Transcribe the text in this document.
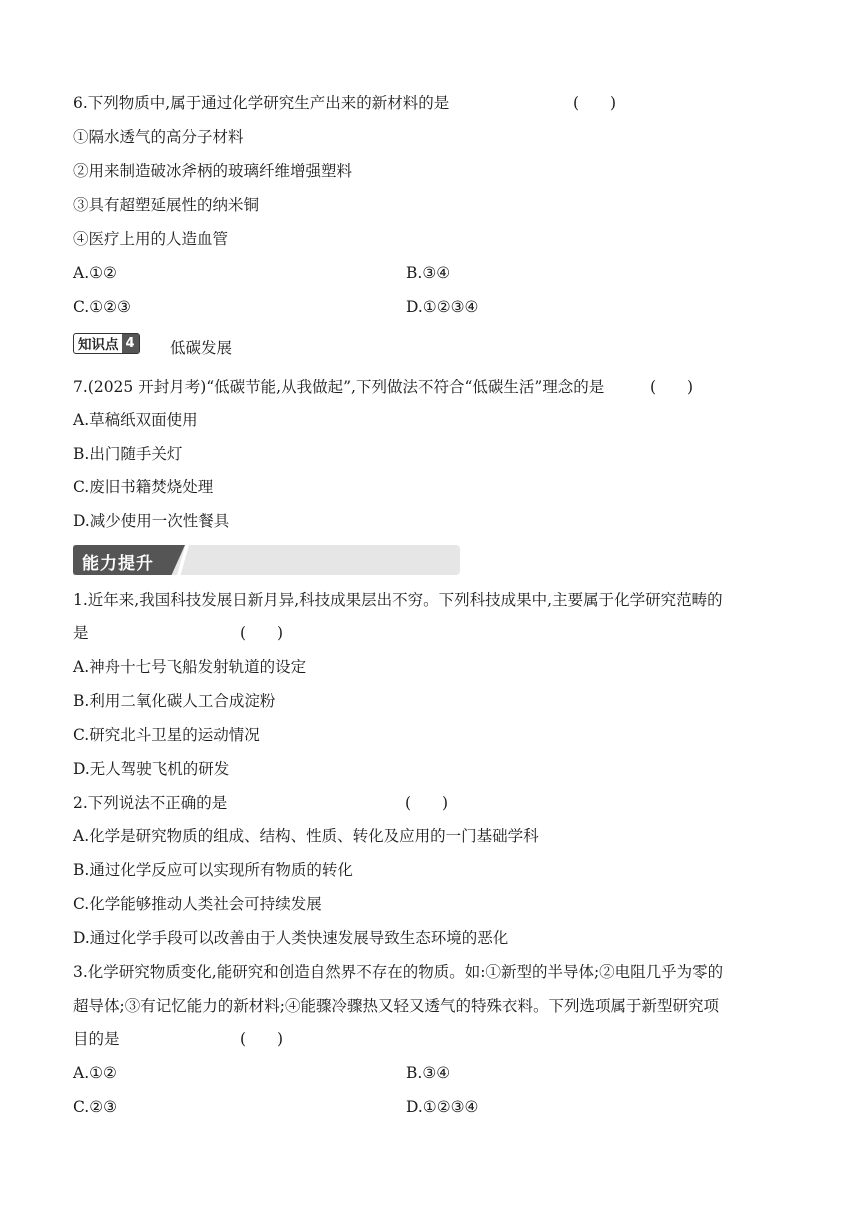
6.下列物质中,属于通过化学研究生产出来的新材料的是	(　　)
①隔水透气的高分子材料
②用来制造破冰斧柄的玻璃纤维增强塑料
③具有超塑延展性的纳米铜
④医疗上用的人造血管
A.①②	B.③④
C.①②③	D.①②③④
知识点 4 低碳发展
7.(2025 开封月考)“低碳节能,从我做起”,下列做法不符合“低碳生活”理念的是	(　　)
A.草稿纸双面使用
B.出门随手关灯
C.废旧书籍焚烧处理
D.减少使用一次性餐具
能力提升
1.近年来,我国科技发展日新月异,科技成果层出不穷。下列科技成果中,主要属于化学研究范畴的
是	(　　)
A.神舟十七号飞船发射轨道的设定
B.利用二氧化碳人工合成淀粉
C.研究北斗卫星的运动情况
D.无人驾驶飞机的研发
2.下列说法不正确的是	(　　)
A.化学是研究物质的组成、结构、性质、转化及应用的一门基础学科
B.通过化学反应可以实现所有物质的转化
C.化学能够推动人类社会可持续发展
D.通过化学手段可以改善由于人类快速发展导致生态环境的恶化
3.化学研究物质变化,能研究和创造自然界不存在的物质。如:①新型的半导体;②电阻几乎为零的
超导体;③有记忆能力的新材料;④能骤冷骤热又轻又透气的特殊衣料。下列选项属于新型研究项
目的是	(　　)
A.①②	B.③④
C.②③	D.①②③④
